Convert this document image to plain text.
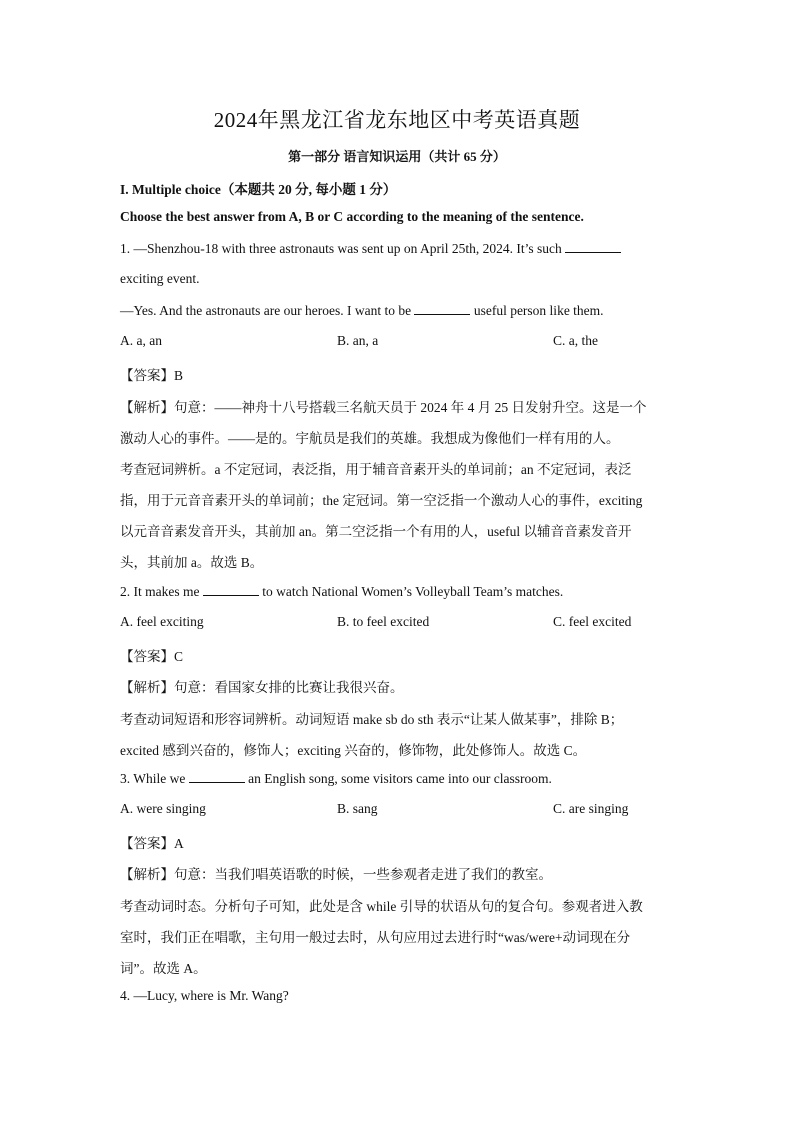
2024年黑龙江省龙东地区中考英语真题
第一部分 语言知识运用（共计 65 分）
I. Multiple choice（本题共 20 分, 每小题 1 分）
Choose the best answer from A, B or C according to the meaning of the sentence.
1. —Shenzhou-18 with three astronauts was sent up on April 25th, 2024. It’s such
exciting event.
—Yes. And the astronauts are our heroes. I want to be	useful person like them.
A. a, an	B. an, a	C. a, the
【答案】B
【解析】句意：——神舟十八号搭载三名航天员于 2024 年 4 月 25 日发射升空。这是一个
激动人心的事件。——是的。宇航员是我们的英雄。我想成为像他们一样有用的人。
考查冠词辨析。a 不定冠词，表泛指，用于辅音音素开头的单词前；an 不定冠词，表泛
指，用于元音音素开头的单词前；the 定冠词。第一空泛指一个激动人心的事件，exciting
以元音音素发音开头，其前加 an。第二空泛指一个有用的人，useful 以辅音音素发音开
头，其前加 a。故选 B。
2. It makes me	to watch National Women’s Volleyball Team’s matches.
A. feel exciting	B. to feel excited	C. feel excited
【答案】C
【解析】句意：看国家女排的比赛让我很兴奋。
考查动词短语和形容词辨析。动词短语 make sb do sth 表示“让某人做某事”，排除 B；
excited 感到兴奋的，修饰人；exciting 兴奋的，修饰物，此处修饰人。故选 C。
3. While we	an English song, some visitors came into our classroom.
A. were singing	B. sang	C. are singing
【答案】A
【解析】句意：当我们唱英语歌的时候，一些参观者走进了我们的教室。
考查动词时态。分析句子可知，此处是含 while 引导的状语从句的复合句。参观者进入教
室时，我们正在唱歌，主句用一般过去时，从句应用过去进行时“was/were+动词现在分
词”。故选 A。
4. —Lucy, where is Mr. Wang?
